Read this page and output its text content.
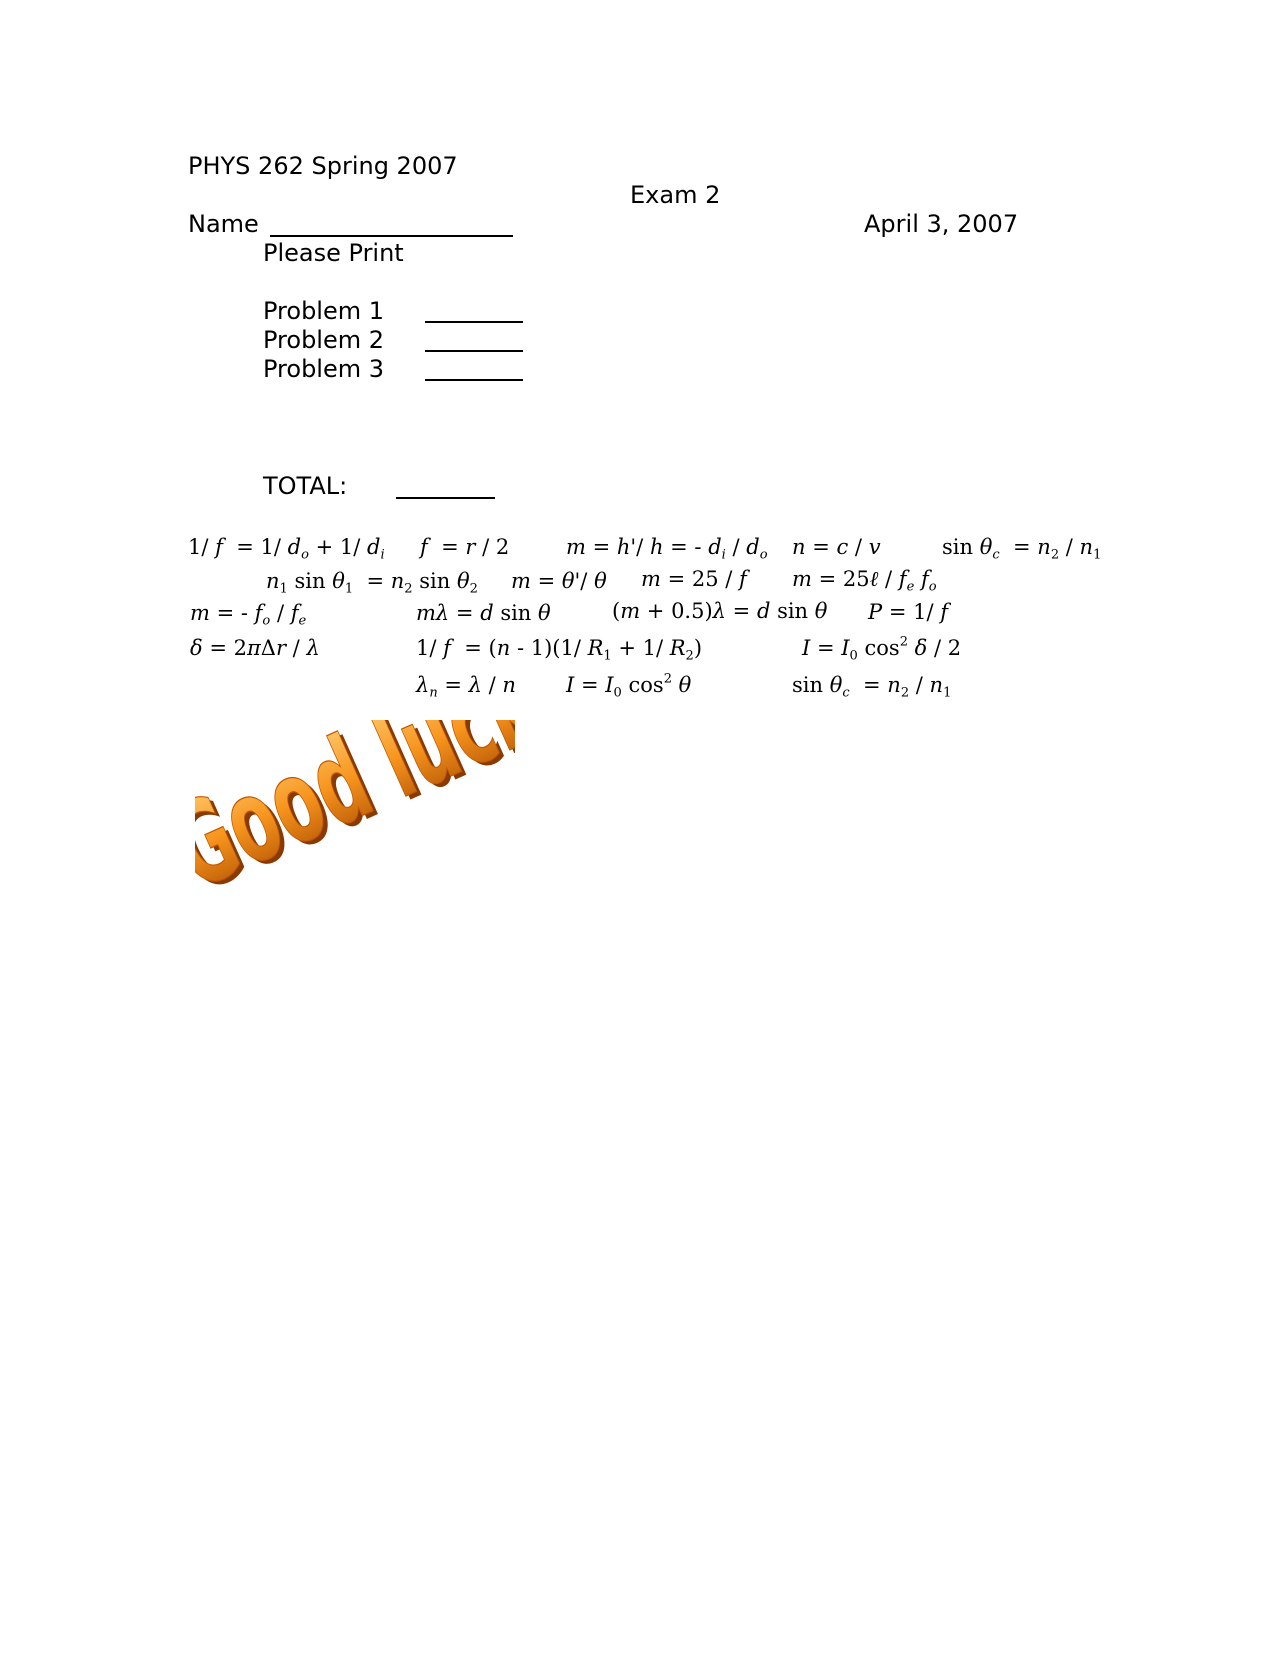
PHYS 262 Spring 2007
Exam 2
Name	April 3, 2007
Please Print
Problem 1
Problem 2
Problem 3
TOTAL:
1/ f  = 1/ $d_o + 1/$ $d_i$ f  = r / 2	m = h'/ h = - $d_i / d_o$ n = c / v	$\sin \theta_c = n_2 / n_1$
$n_1$ $\sin \theta_1 = n_2$ $\sin \theta_2$ m = θ'/ θ m = 25 / f m = 25ℓ / $f_e$ $f_o$
m = - $f_o / f_e$	mλ = d sin θ	(m + 0.5)λ = d sin θ P = 1/ f
δ = 2πΔr / λ	1/ f  = (n - 1)(1/ $R_1 + 1/$ $R_2$)	$I = I_0$ $\cos^2 \delta / 2$
$\lambda_n = \lambda / n$ $I = I_0$ $\cos^2 \theta$	$\sin \theta_c = n_2 / n_1$
Good luck
Good luck
